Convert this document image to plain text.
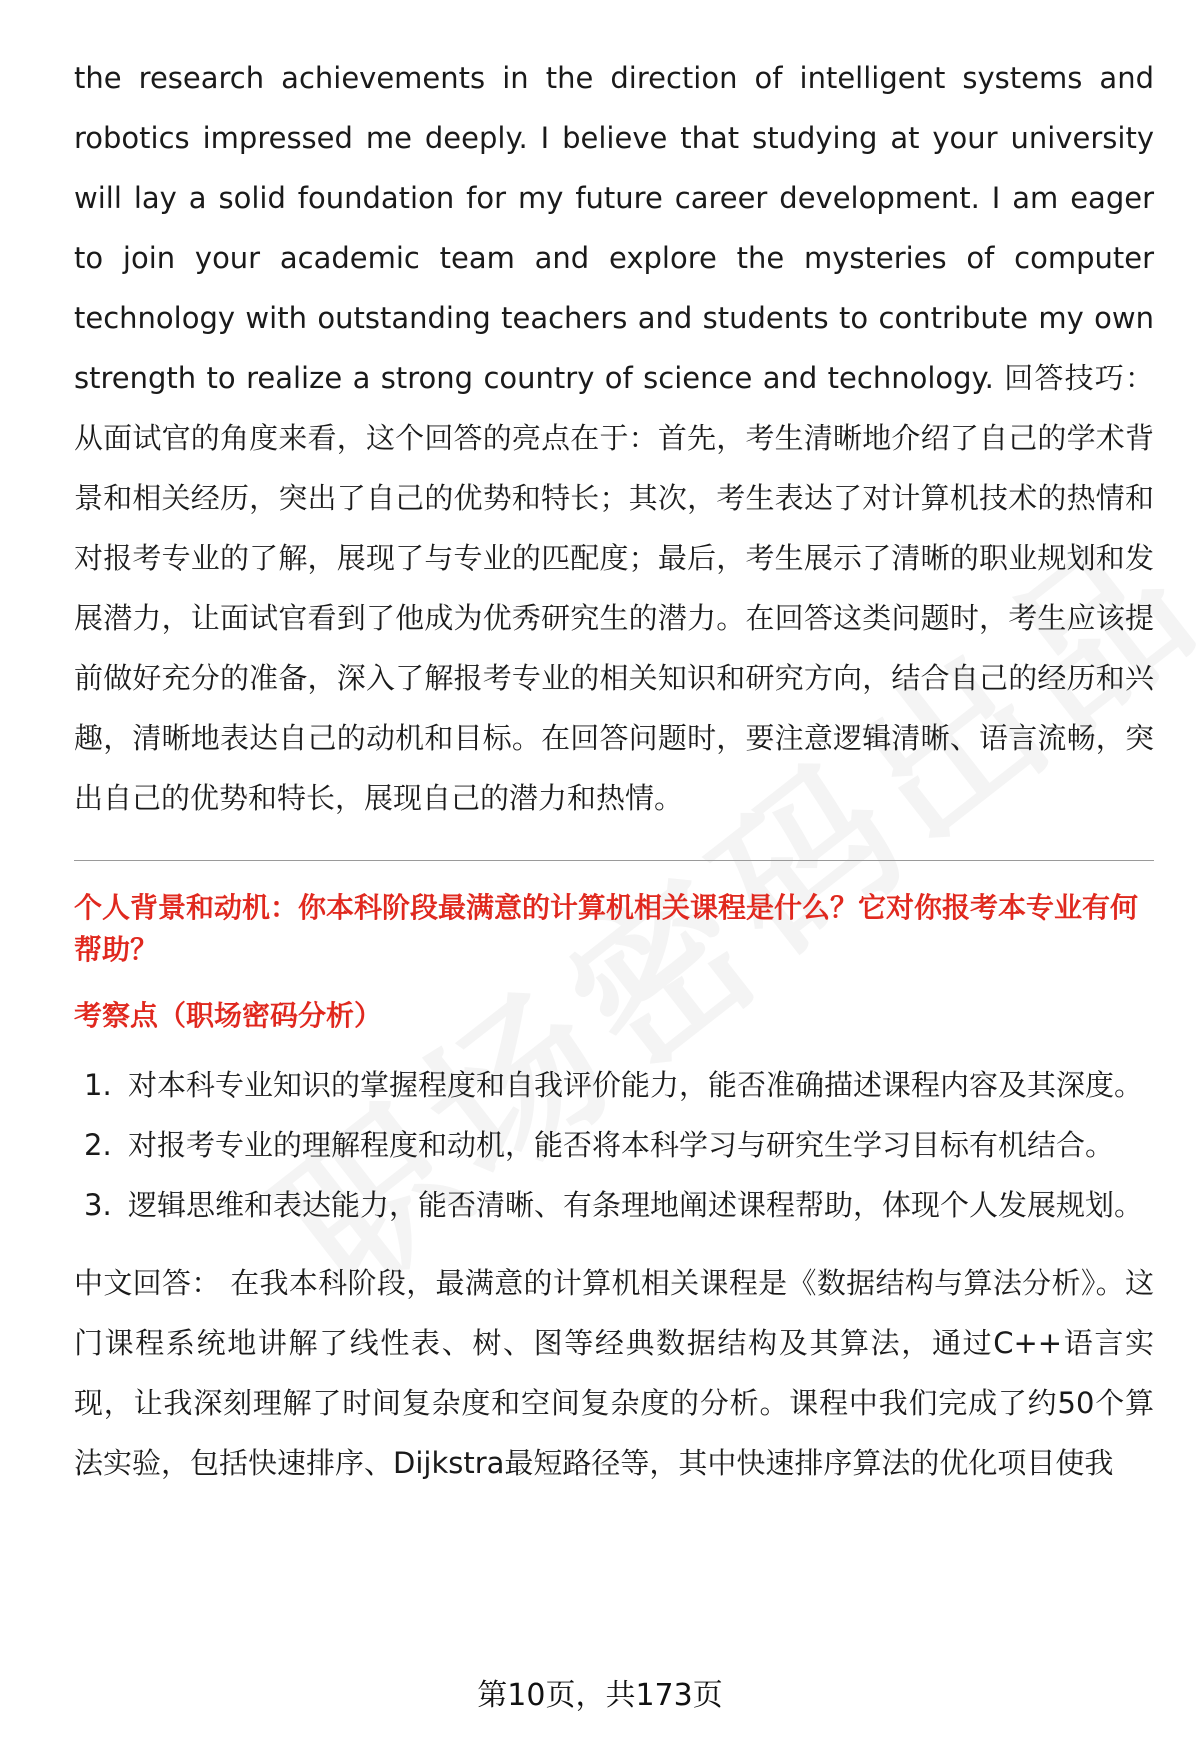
the research achievements in the direction of intelligent systems and robotics impressed me deeply. I believe that studying at your university will lay a solid foundation for my future career development. I am eager to join your academic team and explore the mysteries of computer technology with outstanding teachers and students to contribute my own strength to realize a strong country of science and technology. 回答技巧： 从面试官的角度来看，这个回答的亮点在于：首先，考生清晰地介绍了自己的学术背景和相关经历，突出了自己的优势和特长；其次，考生表达了对计算机技术的热情和对报考专业的了解，展现了与专业的匹配度；最后，考生展示了清晰的职业规划和发展潜力，让面试官看到了他成为优秀研究生的潜力。在回答这类问题时，考生应该提前做好充分的准备，深入了解报考专业的相关知识和研究方向，结合自己的经历和兴趣，清晰地表达自己的动机和目标。在回答问题时，要注意逻辑清晰、语言流畅，突出自己的优势和特长，展现自己的潜力和热情。

个人背景和动机：你本科阶段最满意的计算机相关课程是什么？它对你报考本专业有何帮助？

考察点（职场密码分析）

1. 对本科专业知识的掌握程度和自我评价能力，能否准确描述课程内容及其深度。
2. 对报考专业的理解程度和动机，能否将本科学习与研究生学习目标有机结合。
3. 逻辑思维和表达能力，能否清晰、有条理地阐述课程帮助，体现个人发展规划。

中文回答： 在我本科阶段，最满意的计算机相关课程是《数据结构与算法分析》。这门课程系统地讲解了线性表、树、图等经典数据结构及其算法，通过C++语言实现，让我深刻理解了时间复杂度和空间复杂度的分析。课程中我们完成了约50个算法实验，包括快速排序、Dijkstra最短路径等，其中快速排序算法的优化项目使我

第10页，共173页
